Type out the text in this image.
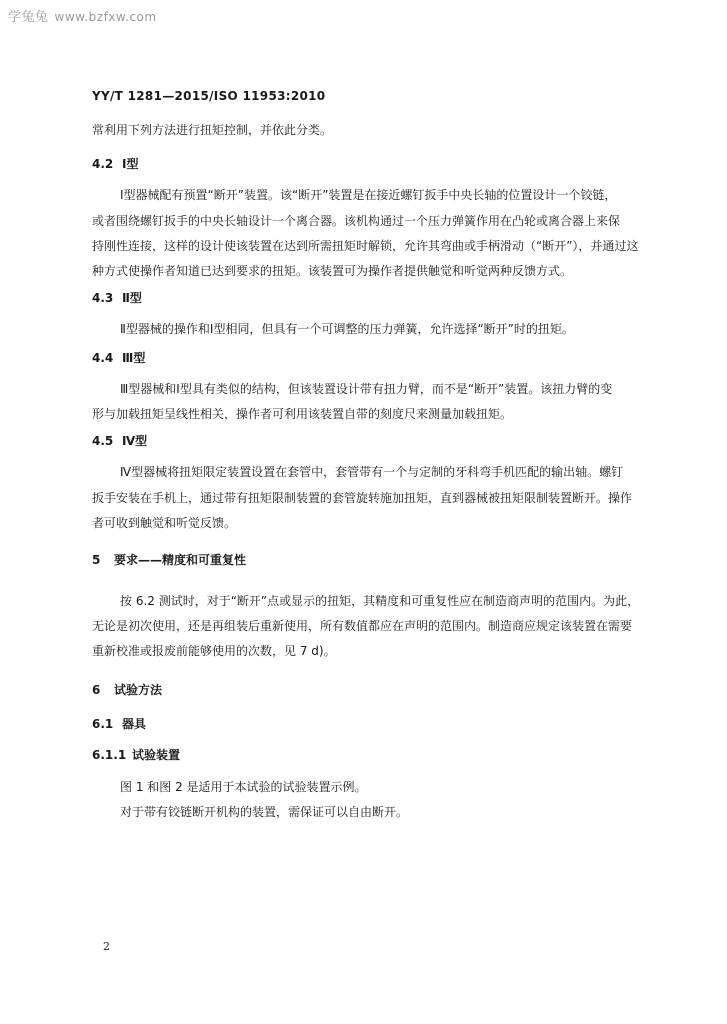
学兔兔 www.bzfxw.com
YY/T 1281—2015/ISO 11953:2010
常利用下列方法进行扭矩控制，并依此分类。
4.2 Ⅰ型
Ⅰ型器械配有预置“断开”装置。该“断开”装置是在接近螺钉扳手中央长轴的位置设计一个铰链，
或者围绕螺钉扳手的中央长轴设计一个离合器。该机构通过一个压力弹簧作用在凸轮或离合器上来保
持刚性连接，这样的设计使该装置在达到所需扭矩时解锁，允许其弯曲或手柄滑动（“断开”），并通过这
种方式使操作者知道已达到要求的扭矩。该装置可为操作者提供触觉和听觉两种反馈方式。
4.3 Ⅱ型
Ⅱ型器械的操作和Ⅰ型相同，但具有一个可调整的压力弹簧，允许选择“断开”时的扭矩。
4.4 Ⅲ型
Ⅲ型器械和Ⅰ型具有类似的结构，但该装置设计带有扭力臂，而不是“断开”装置。该扭力臂的变
形与加载扭矩呈线性相关，操作者可利用该装置自带的刻度尺来测量加载扭矩。
4.5 Ⅳ型
Ⅳ型器械将扭矩限定装置设置在套管中，套管带有一个与定制的牙科弯手机匹配的输出轴。螺钉
扳手安装在手机上，通过带有扭矩限制装置的套管旋转施加扭矩，直到器械被扭矩限制装置断开。操作
者可收到触觉和听觉反馈。
5 要求——精度和可重复性
按 6.2 测试时，对于“断开”点或显示的扭矩，其精度和可重复性应在制造商声明的范围内。为此，
无论是初次使用，还是再组装后重新使用，所有数值都应在声明的范围内。制造商应规定该装置在需要
重新校准或报废前能够使用的次数，见 7 d)。
6 试验方法
6.1 器具
6.1.1 试验装置
图 1 和图 2 是适用于本试验的试验装置示例。
对于带有铰链断开机构的装置，需保证可以自由断开。
2
